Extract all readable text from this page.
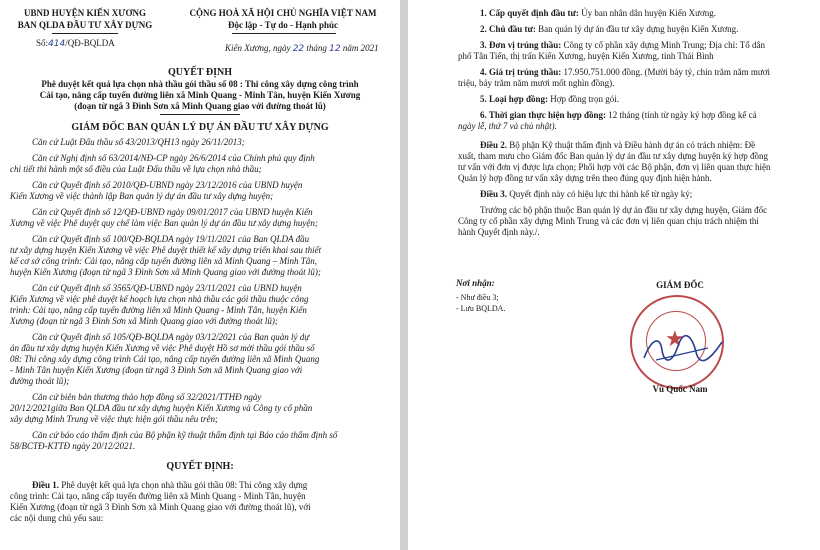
UBND HUYỆN KIẾN XƯƠNG
BAN QLDA ĐẦU TƯ XÂY DỰNG
Số:414/QĐ-BQLDA
CỘNG HOÀ XÃ HỘI CHỦ NGHĨA VIỆT NAM
Độc lập - Tự do - Hạnh phúc
Kiến Xương, ngày 22 tháng 12 năm 2021
QUYẾT ĐỊNH
Phê duyệt kết quả lựa chọn nhà thầu gói thầu số 08 : Thi công xây dựng công trình
Cải tạo, nâng cấp tuyến đường liên xã Minh Quang - Minh Tân, huyện Kiến Xương
(đoạn từ ngã 3 Đình Sơn xã Minh Quang giao với đường thoát lũ)
GIÁM ĐỐC BAN QUẢN LÝ DỰ ÁN ĐẦU TƯ XÂY DỰNG
Căn cứ Luật Đấu thầu số 43/2013/QH13 ngày 26/11/2013;
Căn cứ Nghị định số 63/2014/NĐ-CP ngày 26/6/2014 của Chính phủ quy định
chi tiết thi hành một số điều của Luật Đấu thầu về lựa chọn nhà thầu;
Căn cứ Quyết định số 2010/QĐ-UBND ngày 23/12/2016 của UBND huyện
Kiến Xương về việc thành lập Ban quản lý dự án đầu tư xây dựng huyện;
Căn cứ Quyết định số 12/QĐ-UBND ngày 09/01/2017 của UBND huyện Kiến
Xương về việc Phê duyệt quy chế làm việc Ban quản lý dự án đầu tư xây dựng huyện;
Căn cứ Quyết định số 100/QĐ-BQLDA ngày 19/11/2021 của Ban QLDA đầu
tư xây dựng huyện Kiến Xương về việc Phê duyệt thiết kế xây dựng triển khai sau thiết
kế cơ sở công trình: Cải tạo, nâng cấp tuyến đường liên xã Minh Quang – Minh Tân,
huyện Kiến Xương (đoạn từ ngã 3 Đình Sơn xã Minh Quang giao với đường thoát lũ);
Căn cứ Quyết định số 3565/QĐ-UBND ngày 23/11/2021 của UBND huyện
Kiến Xương về việc phê duyệt kế hoạch lựa chọn nhà thầu các gói thầu thuộc công
trình: Cải tạo, nâng cấp tuyến đường liên xã Minh Quang - Minh Tân, huyện Kiến
Xương (đoạn từ ngã 3 Đình Sơn xã Minh Quang giao với đường thoát lũ);
Căn cứ Quyết định số 105/QĐ-BQLDA ngày 03/12/2021 của Ban quản lý dự
án đầu tư xây dựng huyện Kiến Xương về việc Phê duyệt Hồ sơ mời thầu gói thầu số
08: Thi công xây dựng công trình Cải tạo, nâng cấp tuyến đường liên xã Minh Quang
- Minh Tân huyện Kiến Xương (đoạn từ ngã 3 Đình Sơn xã Minh Quang giao với
đường thoát lũ);
Căn cứ biên bản thương thảo hợp đồng số 32/2021/TTHĐ ngày
20/12/2021giữa Ban QLDA đầu tư xây dựng huyện Kiến Xương và Công ty cổ phần
xây dựng Minh Trung về việc thực hiện gói thầu nêu trên;
Căn cứ báo cáo thẩm định của Bộ phận kỹ thuật thẩm định tại Báo cáo thẩm định số
58/BCTĐ-KTTĐ ngày 20/12/2021.
QUYẾT ĐỊNH:
Điều 1. Phê duyệt kết quả lựa chọn nhà thầu gói thầu 08: Thi công xây dựng
công trình: Cải tạo, nâng cấp tuyến đường liên xã Minh Quang - Minh Tân, huyện
Kiến Xương (đoạn từ ngã 3 Đình Sơn xã Minh Quang giao với đường thoát lũ), với
các nội dung chủ yếu sau:
1. Cấp quyết định đầu tư: Ủy ban nhân dân huyện Kiến Xương.
2. Chủ đầu tư: Ban quản lý dự án đầu tư xây dựng huyện Kiến Xương.
3. Đơn vị trúng thầu: Công ty cổ phần xây dựng Minh Trung; Địa chỉ: Tổ dân
phố Tân Tiến, thị trấn Kiến Xương, huyện Kiến Xương, tỉnh Thái Bình
4. Giá trị trúng thầu: 17.950.751.000 đồng. (Mười bảy tỷ, chín trăm năm mươi
triệu, bảy trăm năm mươi mốt nghìn đồng).
5. Loại hợp đồng: Hợp đồng trọn gói.
6. Thời gian thực hiện hợp đồng: 12 tháng (tính từ ngày ký hợp đồng kể cả
ngày lễ, thứ 7 và chủ nhật).
Điều 2. Bộ phận Kỹ thuật thẩm định và Điều hành dự án có trách nhiệm: Đề
xuất, tham mưu cho Giám đốc Ban quản lý dự án đầu tư xây dựng huyện ký hợp đồng
tư vấn với đơn vị được lựa chọn; Phối hợp với các Bộ phận, đơn vị liên quan thực hiện
Quản lý hợp đồng tư vấn xây dựng trên theo đúng quy định hiện hành.
Điều 3. Quyết định này có hiệu lực thi hành kể từ ngày ký;
Trưởng các bộ phận thuộc Ban quản lý dự án đầu tư xây dựng huyện, Giám đốc
Công ty cổ phần xây dựng Minh Trung và các đơn vị liên quan chịu trách nhiệm thi
hành Quyết định này./.
Nơi nhận:
- Như điều 3;
- Lưu BQLDA.
GIÁM ĐỐC
★
Vũ Quốc Nam
